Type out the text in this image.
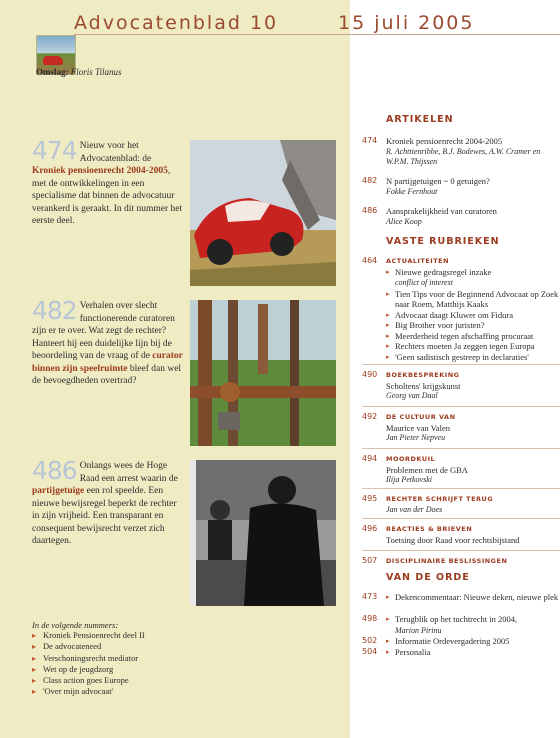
Advocatenblad 10	15 juli 2005
Omslag: Floris Tilanus
474 Nieuw voor het Advocatenblad: de Kroniek pensioenrecht 2004-2005, met de ontwikkelingen in een specialisme dat binnen de advocatuur verankerd is geraakt. In dit nummer het eerste deel.
482 Verhalen over slecht functionerende curatoren zijn er te over. Wat zegt de rechter? Hanteert hij een duidelijke lijn bij de beoordeling van de vraag of de curator binnen zijn speelruimte bleef dan wel de bevoegdheden overtrad?
486 Onlangs wees de Hoge Raad een arrest waarin de partijgetuige een rol speelde. Een nieuwe bewijsregel beperkt de rechter in zijn vrijheid. Een transparant en consequent bewijsrecht verzet zich daartegen.
In de volgende nummers:
▸ Kroniek Pensioenrecht deel II
▸ De advocateneed
▸ Verschoningsrecht mediator
▸ Wet op de jeugdzorg
▸ Class action goes Europe
▸ 'Over mijn advocaat'
ARTIKELEN
474	Kroniek pensioenrecht 2004-2005
R. Achttienribbe, B.J. Bodewes, A.W. Cramer en W.P.M. Thijssen
482	N partijgetuigen ~ 0 getuigen?
Fokke Fernhout
486	Aansprakelijkheid van curatoren
Alice Koop
VASTE RUBRIEKEN
464	ACTUALITEITEN
▸ Nieuwe gedragsregel inzake
conflict of interest
▸ Tien Tips voor de Beginnend Advocaat op Zoek naar Roem, Matthijs Kaaks
▸ Advocaat daagt Kluwer om Fidura
▸ Big Brother voor juristen?
▸ Meerderheid tegen afschaffing procuraat
▸ Rechters moeten Ja zeggen tegen Europa
▸ 'Geen sadistisch gestreep in declaraties'
490	BOEKBESPREKING
Scholtens' krijgskunst
Georg van Daal
492	DE CULTUUR VAN
Maurice van Valen
Jan Pieter Nepveu
494	MOORDKUIL
Problemen met de GBA
Ilija Petkovski
495	RECHTER SCHRIJFT TERUG
Jan van der Does
496	REACTIES & BRIEVEN
Toetsing door Raad voor rechtsbijstand
507	DISCIPLINAIRE BESLISSINGEN
VAN DE ORDE
473	▸ Dekencommentaar: Nieuwe deken, nieuwe plek
498	▸ Terugblik op het tuchtrecht in 2004,
Marion Pirinu
502	▸ Informatie Ordevergadering 2005
504	▸ Personalia
